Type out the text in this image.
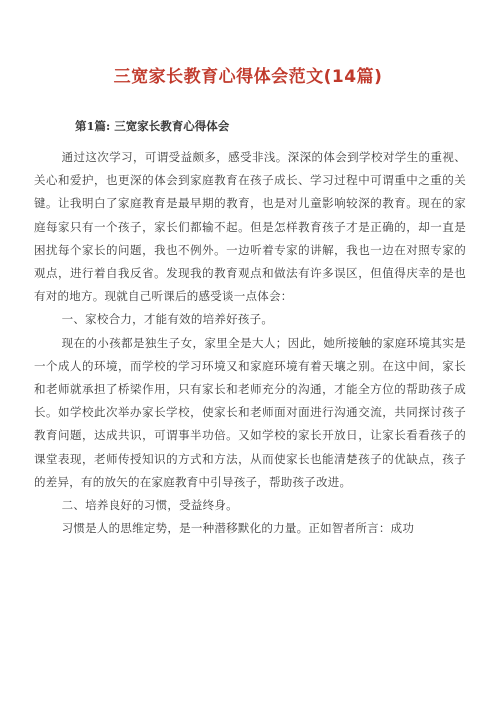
三宽家长教育心得体会范文(14篇)
第1篇: 三宽家长教育心得体会

通过这次学习，可谓受益颇多，感受非浅。深深的体会到学校对学生的重视、关心和爱护，也更深的体会到家庭教育在孩子成长、学习过程中可谓重中之重的关键。让我明白了家庭教育是最早期的教育，也是对儿童影响较深的教育。现在的家庭每家只有一个孩子，家长们都输不起。但是怎样教育孩子才是正确的，却一直是困扰每个家长的问题，我也不例外。一边听着专家的讲解，我也一边在对照专家的观点，进行着自我反省。发现我的教育观点和做法有许多误区，但值得庆幸的是也有对的地方。现就自己听课后的感受谈一点体会：

一、家校合力，才能有效的培养好孩子。

现在的小孩都是独生子女，家里全是大人；因此，她所接触的家庭环境其实是一个成人的环境，而学校的学习环境又和家庭环境有着天壤之别。在这中间，家长和老师就承担了桥梁作用，只有家长和老师充分的沟通，才能全方位的帮助孩子成长。如学校此次举办家长学校，使家长和老师面对面进行沟通交流，共同探讨孩子教育问题，达成共识，可谓事半功倍。又如学校的家长开放日，让家长看看孩子的课堂表现，老师传授知识的方式和方法，从而使家长也能清楚孩子的优缺点，孩子的差异，有的放矢的在家庭教育中引导孩子，帮助孩子改进。

二、培养良好的习惯，受益终身。

习惯是人的思维定势，是一种潜移默化的力量。正如智者所言：成功
